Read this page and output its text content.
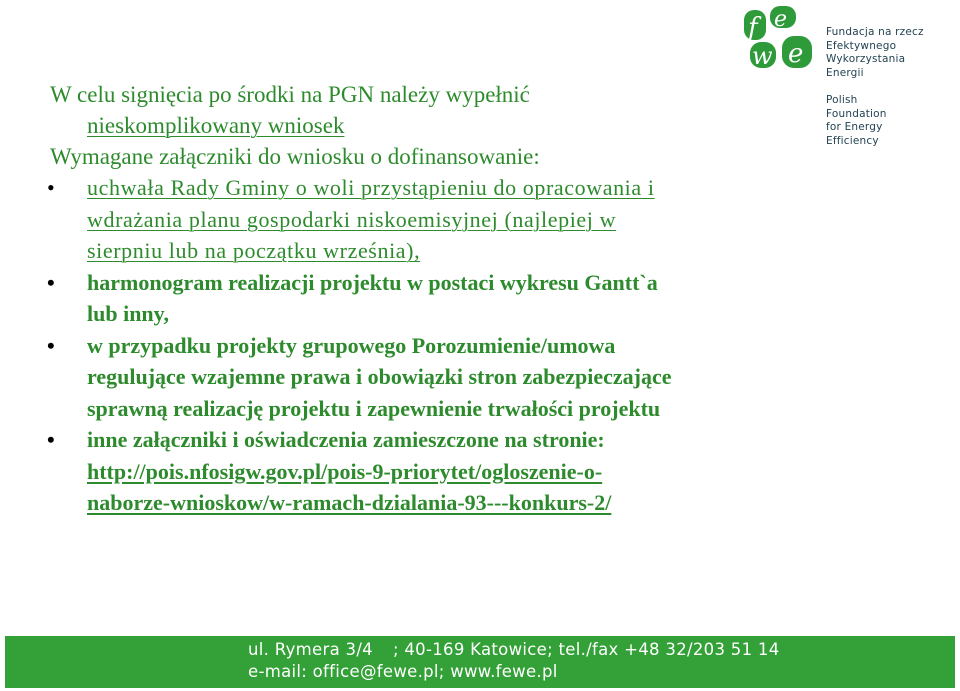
f e
w e
Fundacja na rzecz
Efektywnego
Wykorzystania
Energii
Polish
Foundation
for Energy
Efficiency
W celu signięcia po środki na PGN należy wypełnić
nieskomplikowany wniosek
Wymagane załączniki do wniosku o dofinansowanie:
• uchwała Rady Gminy o woli przystąpieniu do opracowania i
wdrażania planu gospodarki niskoemisyjnej (najlepiej w
sierpniu lub na początku września),
• harmonogram realizacji projektu w postaci wykresu Gantt`a
lub inny,
• w przypadku projekty grupowego Porozumienie/umowa
regulujące wzajemne prawa i obowiązki stron zabezpieczające
sprawną realizację projektu i zapewnienie trwałości projektu
• inne załączniki i oświadczenia zamieszczone na stronie:
http://pois.nfosigw.gov.pl/pois-9-priorytet/ogloszenie-o-
naborze-wnioskow/w-ramach-dzialania-93---konkurs-2/
ul. Rymera 3/4 ; 40-169 Katowice; tel./fax +48 32/203 51 14
e-mail: office@fewe.pl; www.fewe.pl
